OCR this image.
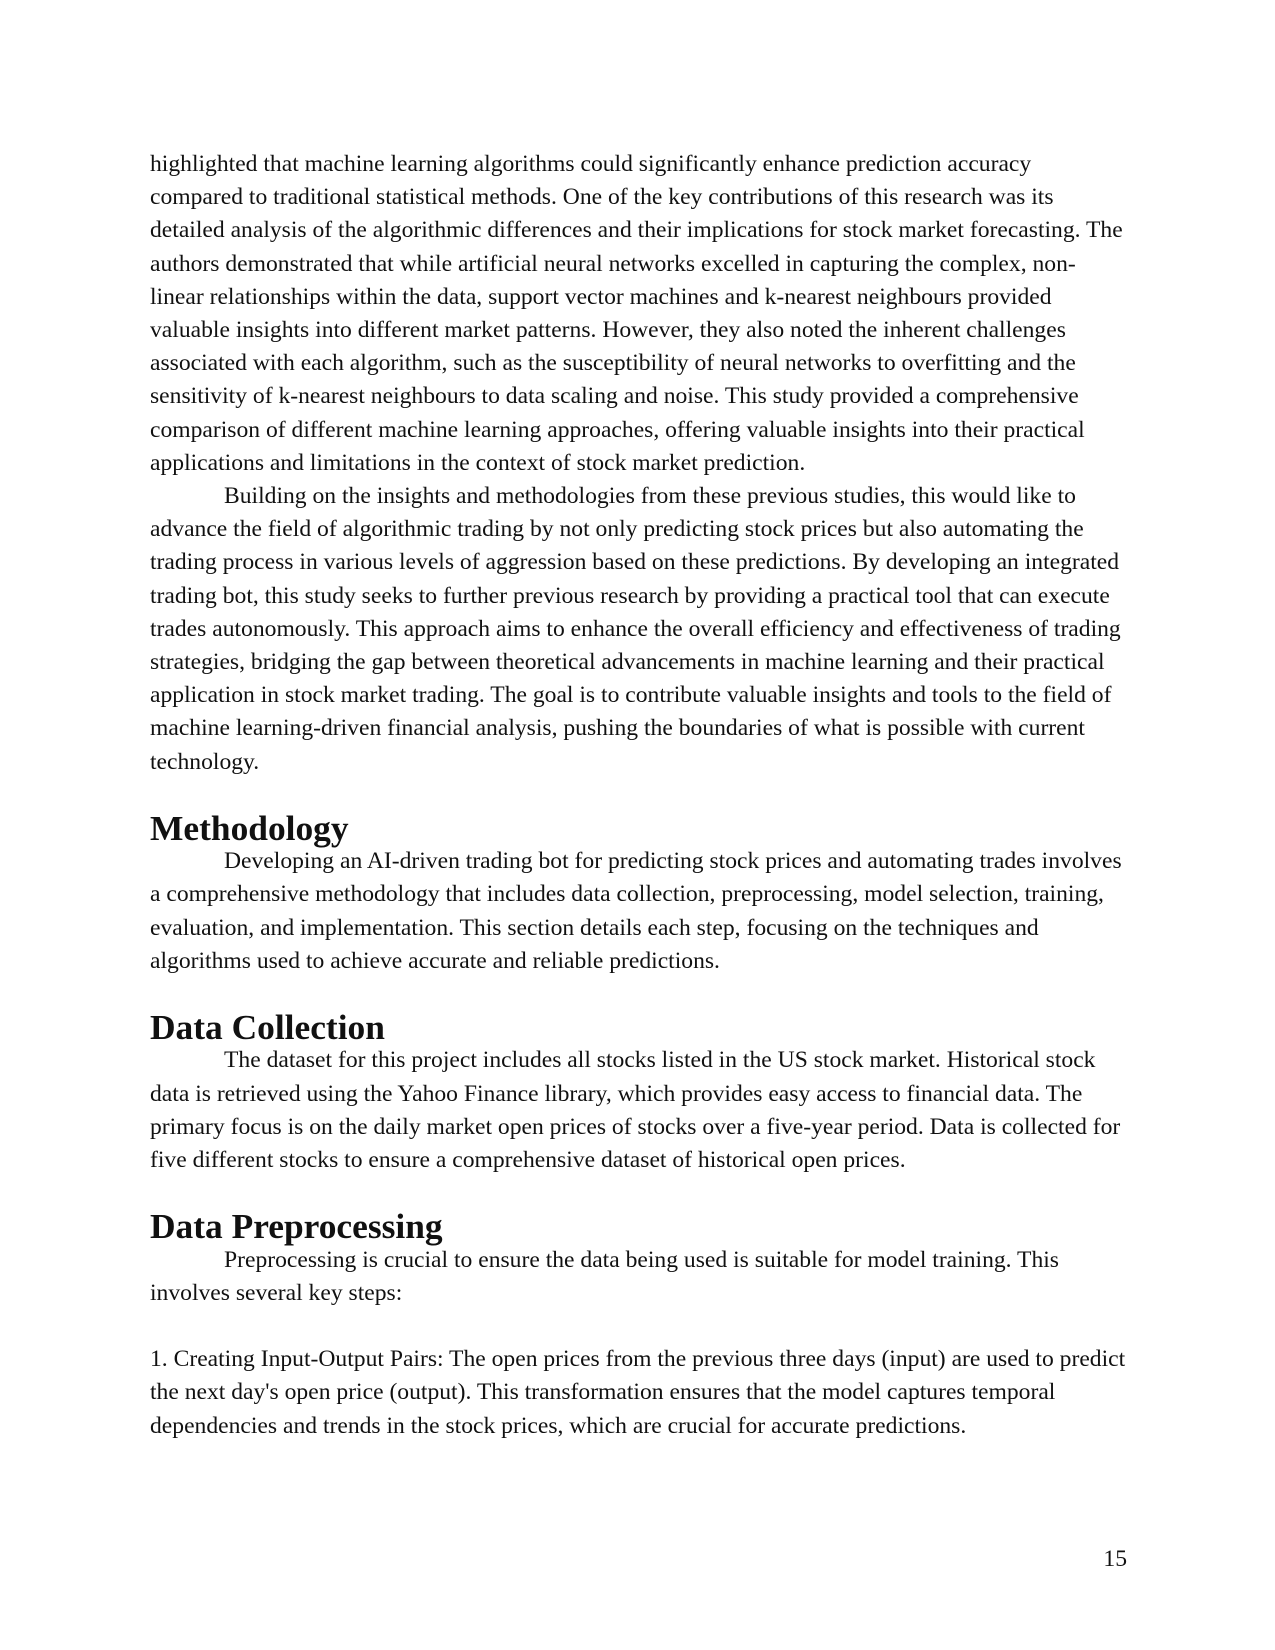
highlighted that machine learning algorithms could significantly enhance prediction accuracy compared to traditional statistical methods. One of the key contributions of this research was its detailed analysis of the algorithmic differences and their implications for stock market forecasting. The authors demonstrated that while artificial neural networks excelled in capturing the complex, non-linear relationships within the data, support vector machines and k-nearest neighbours provided valuable insights into different market patterns. However, they also noted the inherent challenges associated with each algorithm, such as the susceptibility of neural networks to overfitting and the sensitivity of k-nearest neighbours to data scaling and noise. This study provided a comprehensive comparison of different machine learning approaches, offering valuable insights into their practical applications and limitations in the context of stock market prediction.

Building on the insights and methodologies from these previous studies, this would like to advance the field of algorithmic trading by not only predicting stock prices but also automating the trading process in various levels of aggression based on these predictions. By developing an integrated trading bot, this study seeks to further previous research by providing a practical tool that can execute trades autonomously. This approach aims to enhance the overall efficiency and effectiveness of trading strategies, bridging the gap between theoretical advancements in machine learning and their practical application in stock market trading. The goal is to contribute valuable insights and tools to the field of machine learning-driven financial analysis, pushing the boundaries of what is possible with current technology.

Methodology

Developing an AI-driven trading bot for predicting stock prices and automating trades involves a comprehensive methodology that includes data collection, preprocessing, model selection, training, evaluation, and implementation. This section details each step, focusing on the techniques and algorithms used to achieve accurate and reliable predictions.

Data Collection

The dataset for this project includes all stocks listed in the US stock market. Historical stock data is retrieved using the Yahoo Finance library, which provides easy access to financial data. The primary focus is on the daily market open prices of stocks over a five-year period. Data is collected for five different stocks to ensure a comprehensive dataset of historical open prices.

Data Preprocessing

Preprocessing is crucial to ensure the data being used is suitable for model training. This involves several key steps:

1. Creating Input-Output Pairs: The open prices from the previous three days (input) are used to predict the next day's open price (output). This transformation ensures that the model captures temporal dependencies and trends in the stock prices, which are crucial for accurate predictions.

15
